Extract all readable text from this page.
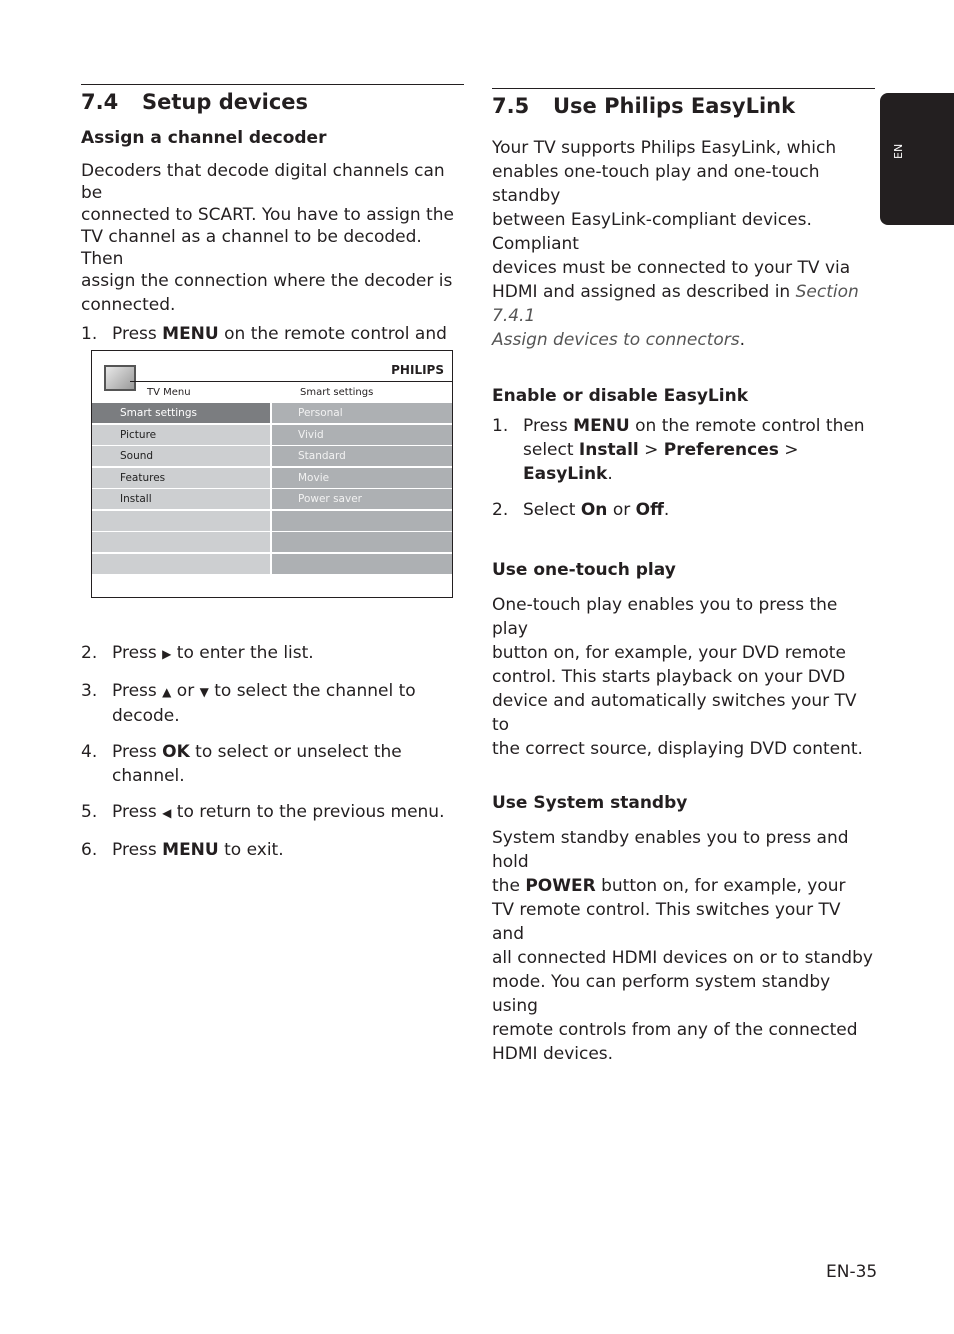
EN
7.4 Setup devices
Assign a channel decoder

Decoders that decode digital channels can be

connected to SCART. You have to assign the

TV channel as a channel to be decoded. Then

assign the connection where the decoder is

connected.

1. Press MENU on the remote control and
PHILIPS
TV Menu	Smart settings
Smart settings
Picture
Sound
Features
Install
Personal
Vivid
Standard
Movie
Power saver
2. Press ▶ to enter the list.
3. Press ▲ or ▼ to select the channel to
decode.
4. Press OK to select or unselect the channel.
5. Press ◀ to return to the previous menu.
6. Press MENU to exit.
7.5 Use Philips EasyLink

Your TV supports Philips EasyLink, which

enables one-touch play and one-touch standby

between EasyLink-compliant devices. Compliant

devices must be connected to your TV via

HDMI and assigned as described in Section 7.4.1

Assign devices to connectors.

Enable or disable EasyLink
1. Press MENU on the remote control then
select Install > Preferences > EasyLink.
2. Select On or Off.
Use one-touch play

One-touch play enables you to press the play

button on, for example, your DVD remote

control. This starts playback on your DVD

device and automatically switches your TV to

the correct source, displaying DVD content.

Use System standby

System standby enables you to press and hold

the POWER button on, for example, your

TV remote control. This switches your TV and

all connected HDMI devices on or to standby

mode. You can perform system standby using

remote controls from any of the connected

HDMI devices.

EN-35
